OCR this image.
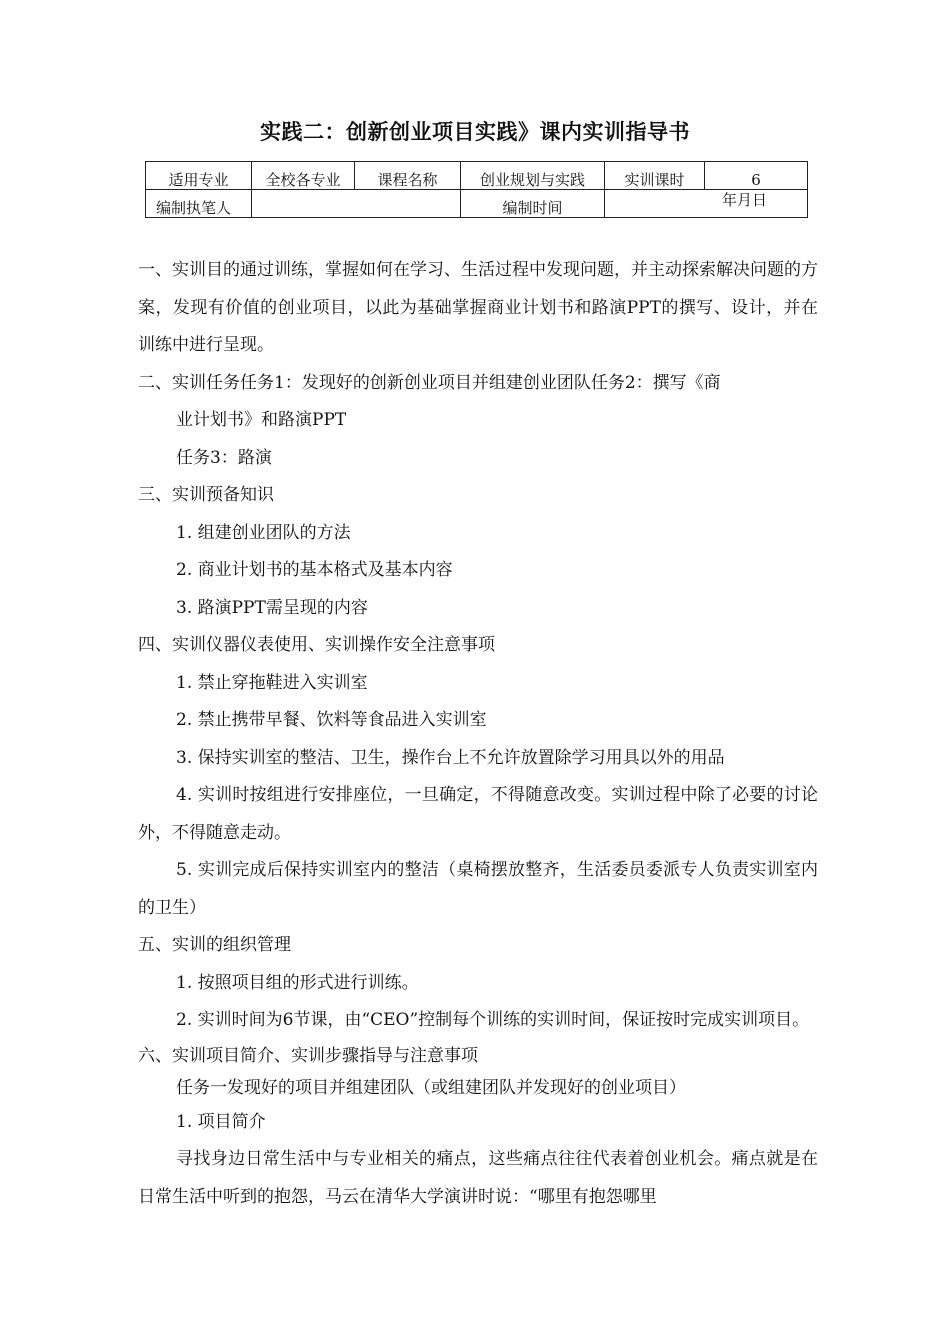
实践二：创新创业项目实践》课内实训指导书
适用专业	全校各专业	课程名称	创业规划与实践	实训课时	6
编制执笔人			编制时间	年月日	

一、实训目的通过训练，掌握如何在学习、生活过程中发现问题，并主动探索解决问题的方案，发现有价值的创业项目，以此为基础掌握商业计划书和路演PPT的撰写、设计，并在训练中进行呈现。

二、实训任务任务1：发现好的创新创业项目并组建创业团队任务2：撰写《商

业计划书》和路演PPT

任务3：路演

三、实训预备知识

1. 组建创业团队的方法

2. 商业计划书的基本格式及基本内容

3. 路演PPT需呈现的内容

四、实训仪器仪表使用、实训操作安全注意事项

1. 禁止穿拖鞋进入实训室

2. 禁止携带早餐、饮料等食品进入实训室

3. 保持实训室的整洁、卫生，操作台上不允许放置除学习用具以外的用品

4. 实训时按组进行安排座位，一旦确定，不得随意改变。实训过程中除了必要的讨论外，不得随意走动。

5. 实训完成后保持实训室内的整洁（桌椅摆放整齐，生活委员委派专人负责实训室内的卫生）

五、实训的组织管理

1. 按照项目组的形式进行训练。

2. 实训时间为6节课，由“CEO”控制每个训练的实训时间，保证按时完成实训项目。

六、实训项目简介、实训步骤指导与注意事项

任务一发现好的项目并组建团队（或组建团队并发现好的创业项目）

1. 项目简介

寻找身边日常生活中与专业相关的痛点，这些痛点往往代表着创业机会。痛点就是在日常生活中听到的抱怨，马云在清华大学演讲时说：“哪里有抱怨哪里
